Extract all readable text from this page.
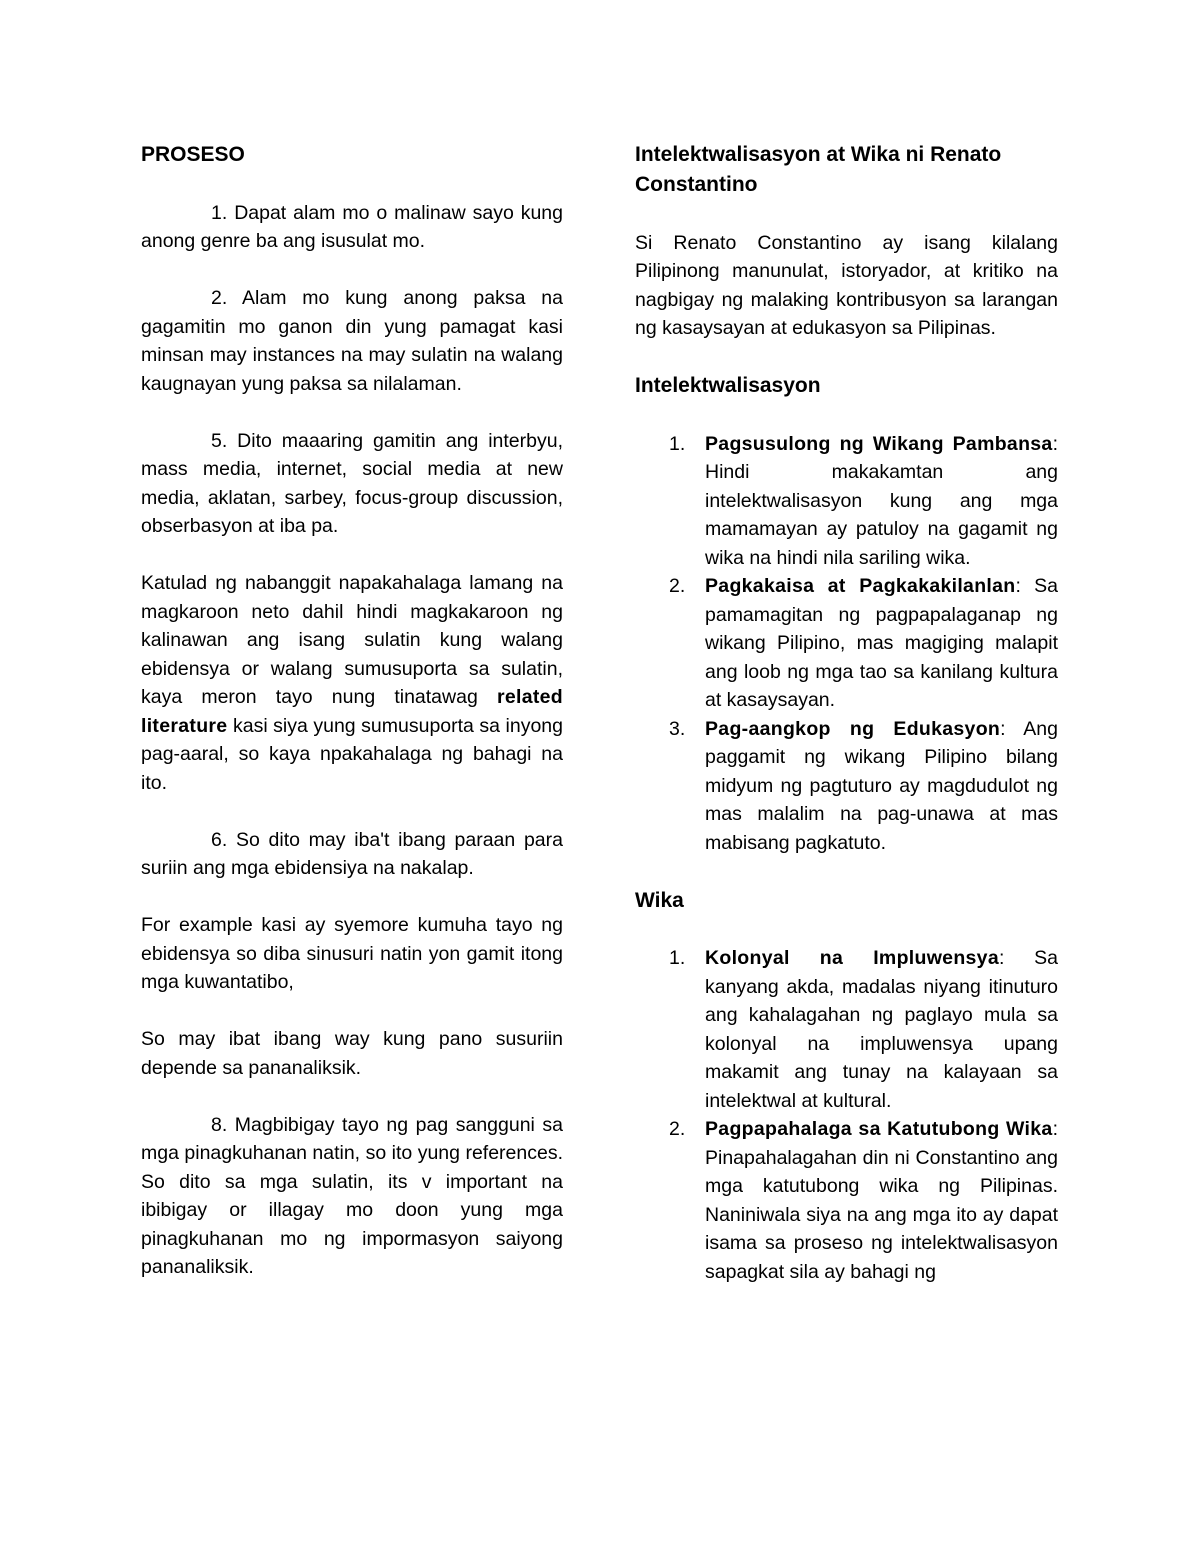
PROSESO

1. Dapat alam mo o malinaw sayo kung anong genre ba ang isusulat mo.

2. Alam mo kung anong paksa na gagamitin mo ganon din yung pamagat kasi minsan may instances na may sulatin na walang kaugnayan yung paksa sa nilalaman.

5. Dito maaaring gamitin ang interbyu, mass media, internet, social media at new media, aklatan, sarbey, focus-group discussion, obserbasyon at iba pa.

Katulad ng nabanggit napakahalaga lamang na magkaroon neto dahil hindi magkakaroon ng kalinawan ang isang sulatin kung walang ebidensya or walang sumusuporta sa sulatin, kaya meron tayo nung tinatawag related literature kasi siya yung sumusuporta sa inyong pag-aaral, so kaya npakahalaga ng bahagi na ito.

6. So dito may iba't ibang paraan para suriin ang mga ebidensiya na nakalap.

For example kasi ay syemore kumuha tayo ng ebidensya so diba sinusuri natin yon gamit itong mga kuwantatibo,

So may ibat ibang way kung pano susuriin depende sa pananaliksik.

8. Magbibigay tayo ng pag sangguni sa mga pinagkuhanan natin, so ito yung references. So dito sa mga sulatin, its v important na ibibigay or illagay mo doon yung mga pinagkuhanan mo ng impormasyon saiyong pananaliksik.

Intelektwalisasyon at Wika ni Renato Constantino

Si Renato Constantino ay isang kilalang Pilipinong manunulat, istoryador, at kritiko na nagbigay ng malaking kontribusyon sa larangan ng kasaysayan at edukasyon sa Pilipinas.

Intelektwalisasyon
1.	Pagsusulong ng Wikang Pambansa: Hindi makakamtan ang intelektwalisasyon kung ang mga mamamayan ay patuloy na gagamit ng wika na hindi nila sariling wika.
2.	Pagkakaisa at Pagkakakilanlan: Sa pamamagitan ng pagpapalaganap ng wikang Pilipino, mas magiging malapit ang loob ng mga tao sa kanilang kultura at kasaysayan.
3.	Pag-aangkop ng Edukasyon: Ang paggamit ng wikang Pilipino bilang midyum ng pagtuturo ay magdudulot ng mas malalim na pag-unawa at mas mabisang pagkatuto.
Wika
1.	Kolonyal na Impluwensya: Sa kanyang akda, madalas niyang itinuturo ang kahalagahan ng paglayo mula sa kolonyal na impluwensya upang makamit ang tunay na kalayaan sa intelektwal at kultural.
2.	Pagpapahalaga sa Katutubong Wika: Pinapahalagahan din ni Constantino ang mga katutubong wika ng Pilipinas. Naniniwala siya na ang mga ito ay dapat isama sa proseso ng intelektwalisasyon sapagkat sila ay bahagi ng
